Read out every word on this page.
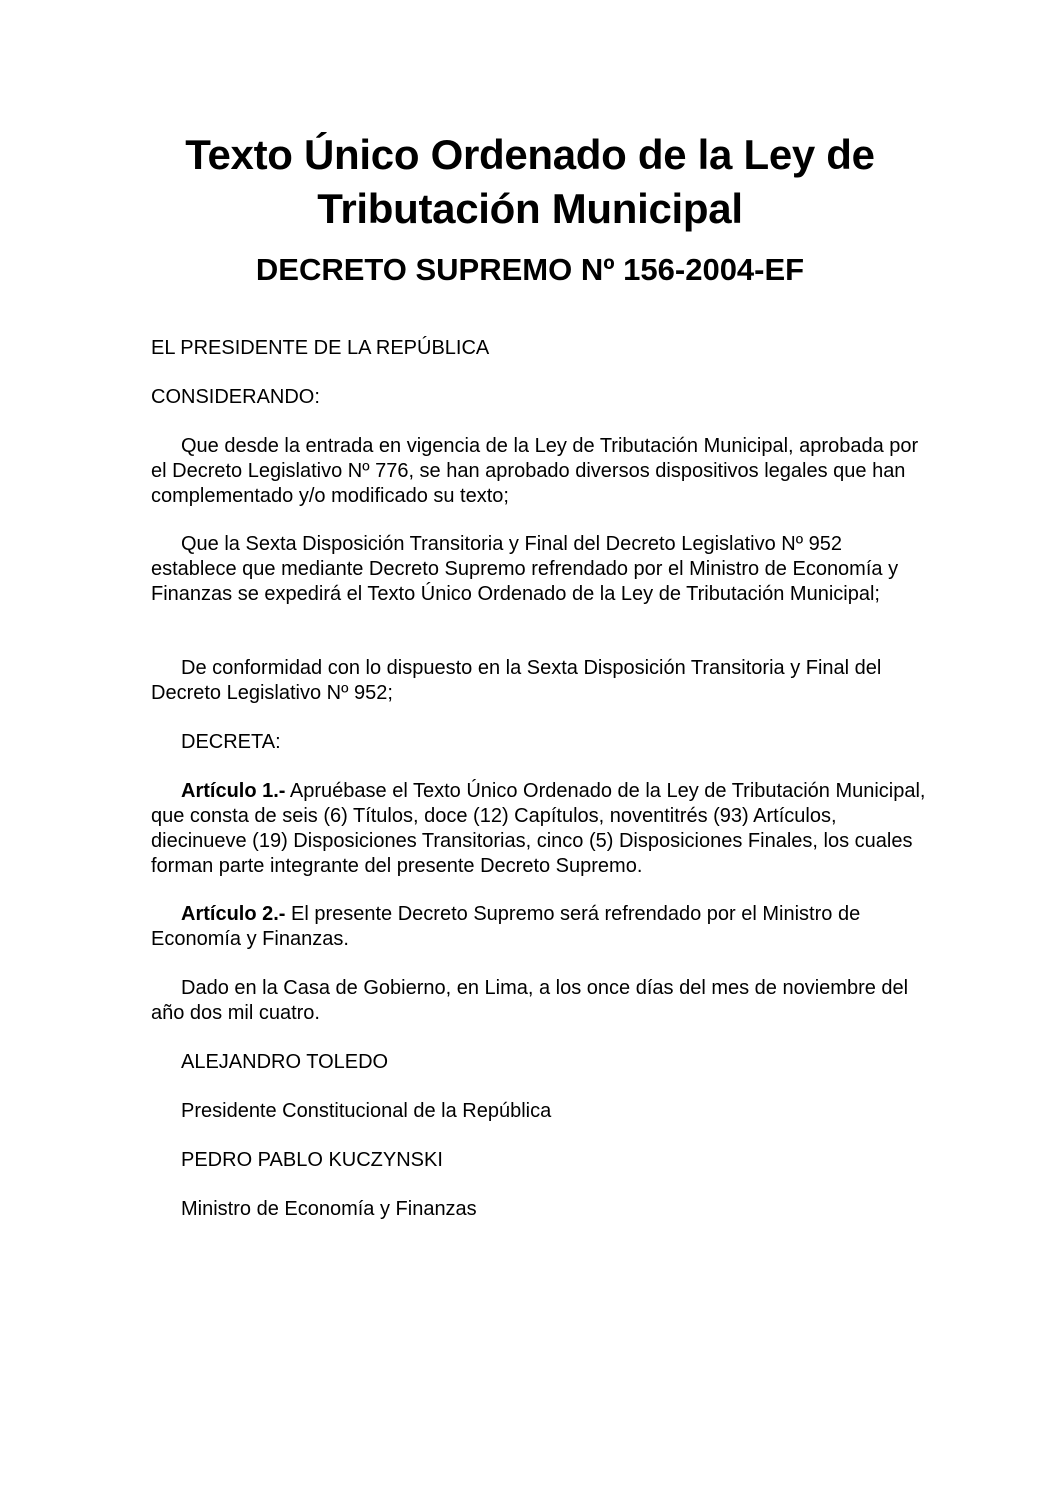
Texto Único Ordenado de la Ley de
Tributación Municipal
DECRETO SUPREMO Nº 156-2004-EF

EL PRESIDENTE DE LA REPÚBLICA

CONSIDERANDO:

Que desde la entrada en vigencia de la Ley de Tributación Municipal, aprobada por el Decreto Legislativo Nº 776, se han aprobado diversos dispositivos legales que han complementado y/o modificado su texto;

Que la Sexta Disposición Transitoria y Final del Decreto Legislativo Nº 952 establece que mediante Decreto Supremo refrendado por el Ministro de Economía y Finanzas se expedirá el Texto Único Ordenado de la Ley de Tributación Municipal;

De conformidad con lo dispuesto en la Sexta Disposición Transitoria y Final del Decreto Legislativo Nº 952;

DECRETA:

Artículo 1.- Apruébase el Texto Único Ordenado de la Ley de Tributación Municipal, que consta de seis (6) Títulos, doce (12) Capítulos, noventitrés (93) Artículos, diecinueve (19) Disposiciones Transitorias, cinco (5) Disposiciones Finales, los cuales forman parte integrante del presente Decreto Supremo.

Artículo 2.- El presente Decreto Supremo será refrendado por el Ministro de Economía y Finanzas.

Dado en la Casa de Gobierno, en Lima, a los once días del mes de noviembre del año dos mil cuatro.

ALEJANDRO TOLEDO

Presidente Constitucional de la República

PEDRO PABLO KUCZYNSKI

Ministro de Economía y Finanzas
